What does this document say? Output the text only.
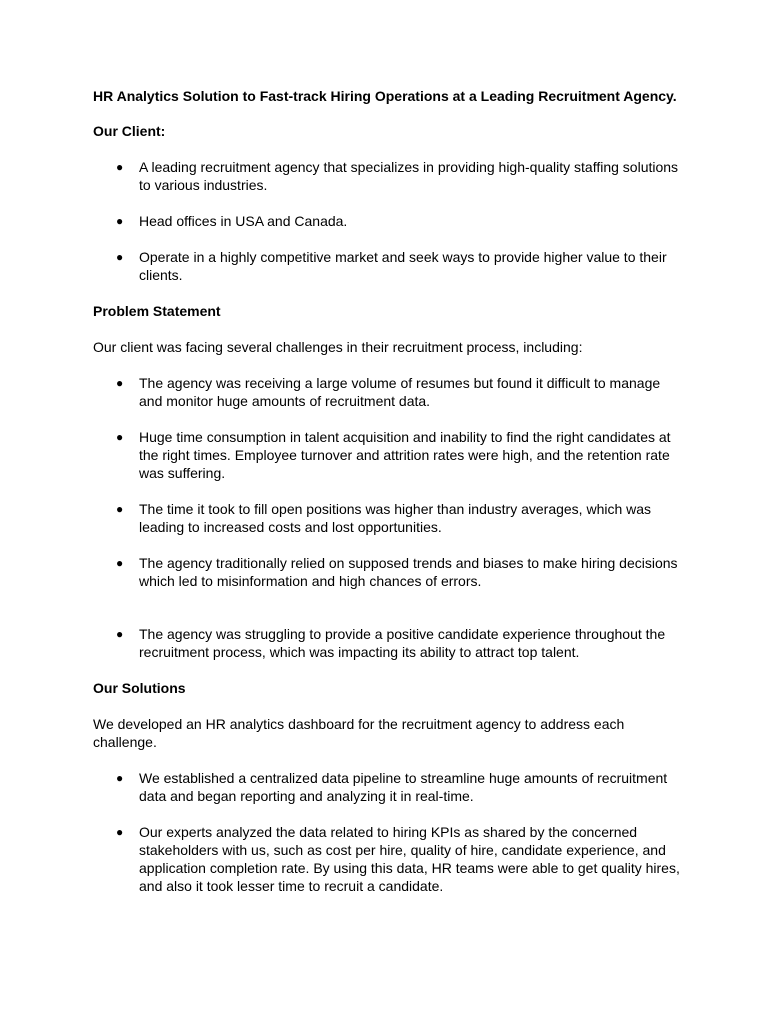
HR Analytics Solution to Fast-track Hiring Operations at a Leading Recruitment Agency.

Our Client:

● A leading recruitment agency that specializes in providing high-quality staffing solutions to various industries.
● Head offices in USA and Canada.
● Operate in a highly competitive market and seek ways to provide higher value to their clients.

Problem Statement

Our client was facing several challenges in their recruitment process, including:

● The agency was receiving a large volume of resumes but found it difficult to manage and monitor huge amounts of recruitment data.
● Huge time consumption in talent acquisition and inability to find the right candidates at the right times. Employee turnover and attrition rates were high, and the retention rate was suffering.
● The time it took to fill open positions was higher than industry averages, which was leading to increased costs and lost opportunities.
● The agency traditionally relied on supposed trends and biases to make hiring decisions which led to misinformation and high chances of errors.
● The agency was struggling to provide a positive candidate experience throughout the recruitment process, which was impacting its ability to attract top talent.

Our Solutions

We developed an HR analytics dashboard for the recruitment agency to address each challenge.

● We established a centralized data pipeline to streamline huge amounts of recruitment data and began reporting and analyzing it in real-time.
● Our experts analyzed the data related to hiring KPIs as shared by the concerned stakeholders with us, such as cost per hire, quality of hire, candidate experience, and application completion rate. By using this data, HR teams were able to get quality hires, and also it took lesser time to recruit a candidate.
